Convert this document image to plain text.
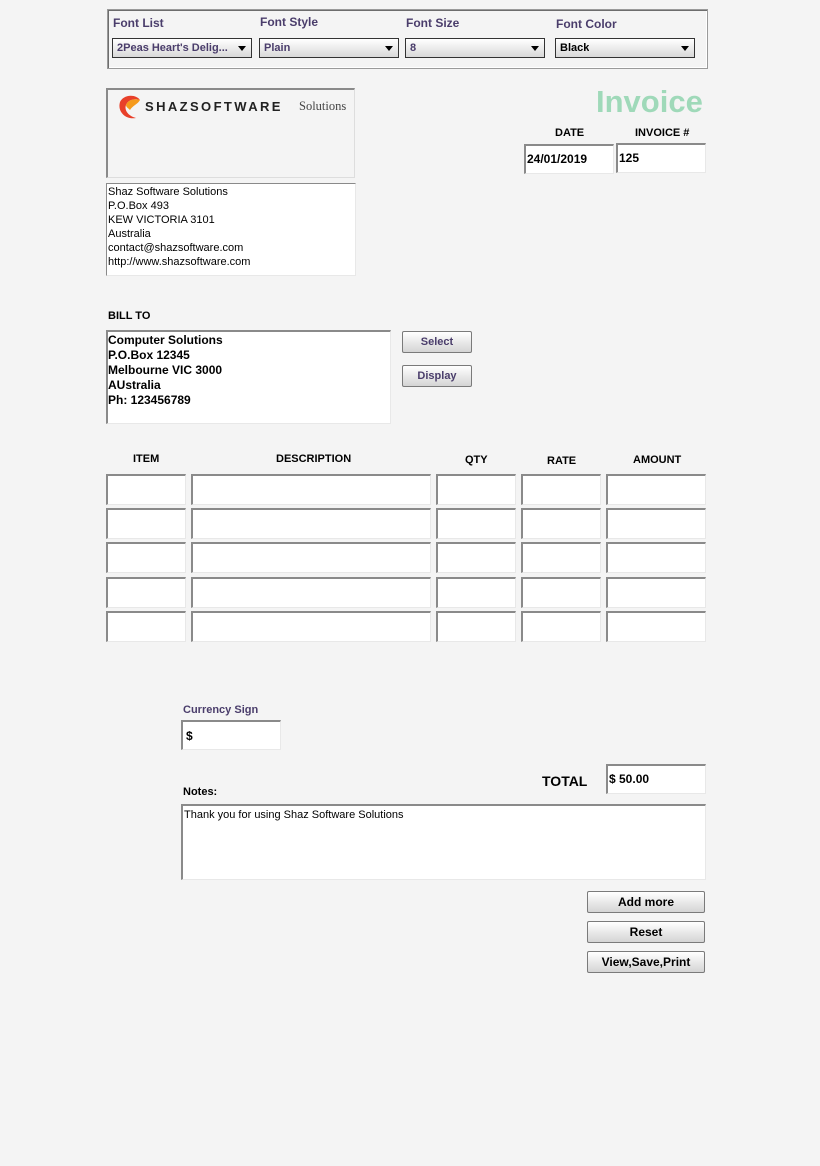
Font List
2Peas Heart's Delig...
Font Style
Plain
Font Size
8
Font Color
Black
SHAZSOFTWARE Solutions
Shaz Software Solutions
P.O.Box 493
KEW VICTORIA 3101
Australia
contact@shazsoftware.com
http://www.shazsoftware.com
Invoice
DATE
24/01/2019
INVOICE #
125
BILL TO
Computer Solutions
P.O.Box 12345
Melbourne VIC 3000
AUstralia
Ph: 123456789
Select
Display
ITEM	DESCRIPTION	QTY	RATE	AMOUNT
Currency Sign
$
TOTAL $ 50.00
Notes:
Thank you for using Shaz Software Solutions
Add more
Reset
View,Save,Print
